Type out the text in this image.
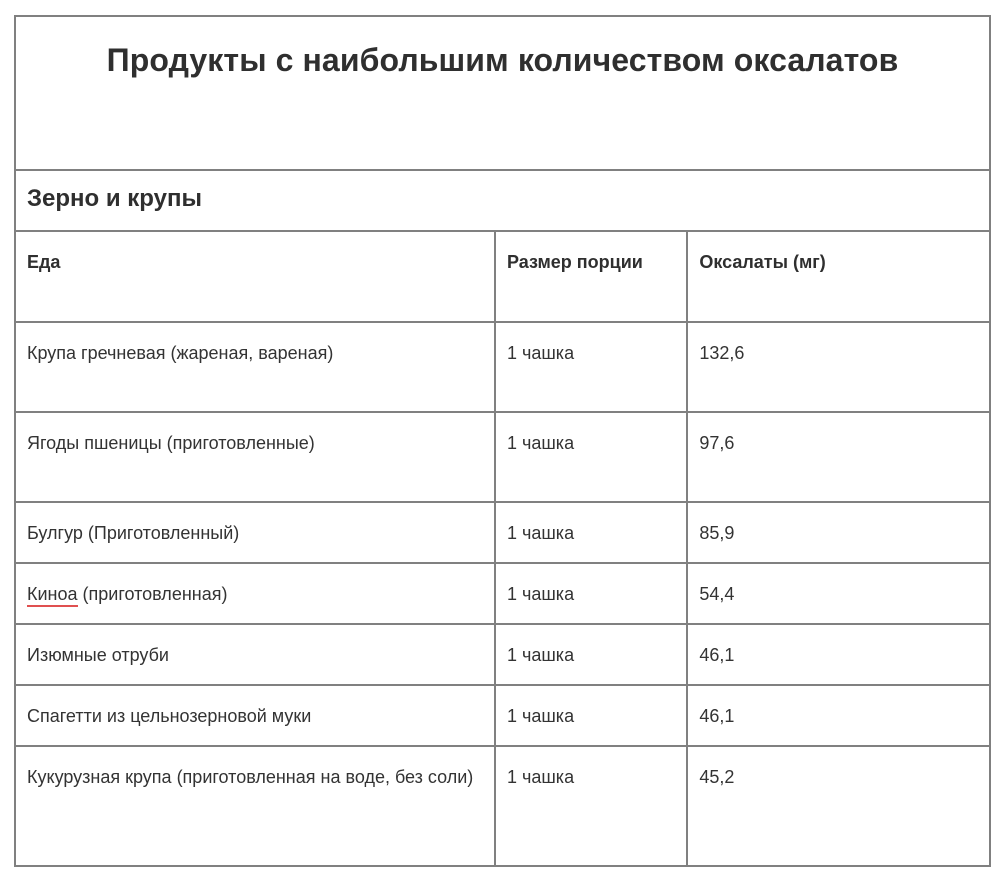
Продукты с наибольшим количеством оксалатов

Зерно и крупы

Еда	Размер порции	Оксалаты (мг)

Крупа гречневая (жареная, вареная)	1 чашка	132,6

Ягоды пшеницы (приготовленные)	1 чашка	97,6

Булгур (Приготовленный)	1 чашка	85,9

Киноа (приготовленная)	1 чашка	54,4

Изюмные отруби	1 чашка	46,1

Спагетти из цельнозерновой муки	1 чашка	46,1

Кукурузная крупа (приготовленная на воде, без соли)	1 чашка	45,2
